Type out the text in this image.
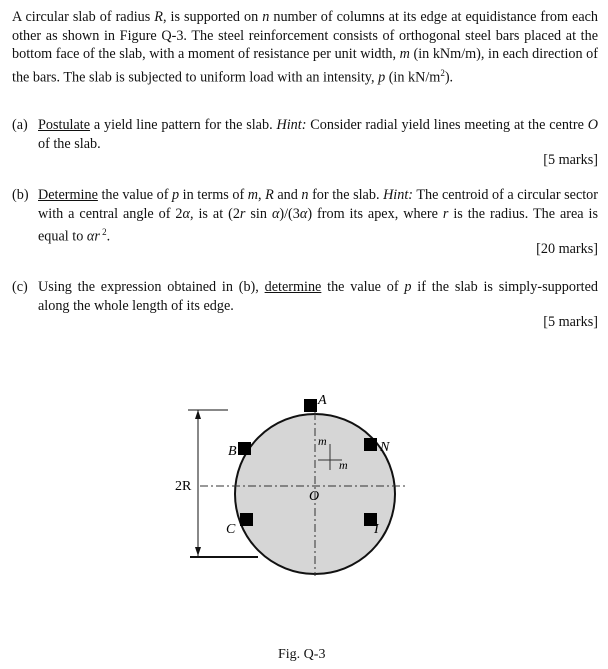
A circular slab of radius R, is supported on n number of columns at its edge at equidistance from each other as shown in Figure Q-3. The steel reinforcement consists of orthogonal steel bars placed at the bottom face of the slab, with a moment of resistance per unit width, m (in kNm/m), in each direction of the bars. The slab is subjected to uniform load with an intensity, p (in $kN/m^2$).
(a) Postulate a yield line pattern for the slab. Hint: Consider radial yield lines meeting at the centre O of the slab.
[5 marks]
(b) Determine the value of p in terms of m, R and n for the slab. Hint: The centroid of a circular sector with a central angle of 2α, is at (2r sin α)/(3α) from its apex, where r is the radius. The area is equal to αr $^2$.
[20 marks]
(c) Using the expression obtained in (b), determine the value of p if the slab is simply-supported along the whole length of its edge.
[5 marks]
A
B	N
C	I
O
m
m
2R
Fig. Q-3
